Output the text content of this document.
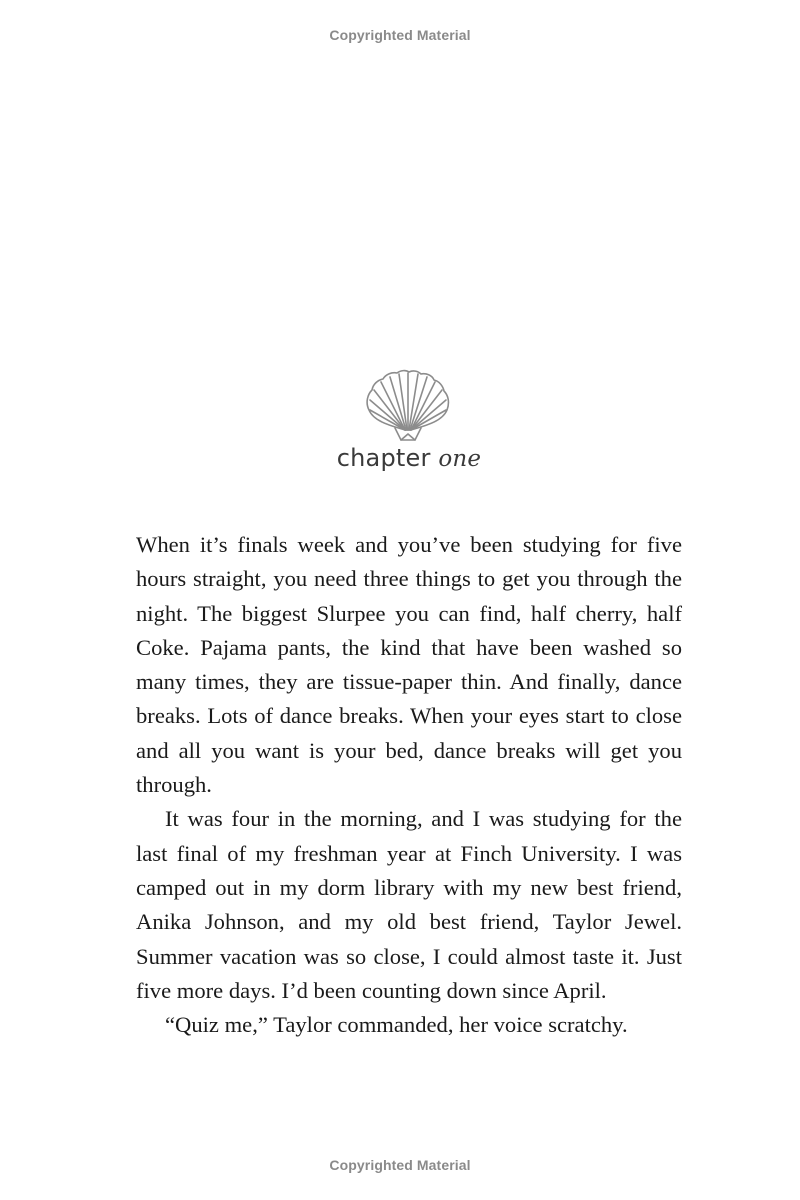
Copyrighted Material
chapter one

When it’s finals week and you’ve been studying for five hours straight, you need three things to get you through the night. The biggest Slurpee you can find, half cherry, half Coke. Pajama pants, the kind that have been washed so many times, they are tissue-paper thin. And finally, dance breaks. Lots of dance breaks. When your eyes start to close and all you want is your bed, dance breaks will get you through.

It was four in the morning, and I was studying for the last final of my freshman year at Finch University. I was camped out in my dorm library with my new best friend, Anika Johnson, and my old best friend, Taylor Jewel. Summer vacation was so close, I could almost taste it. Just five more days. I’d been counting down since April.

“Quiz me,” Taylor commanded, her voice scratchy.

Copyrighted Material
